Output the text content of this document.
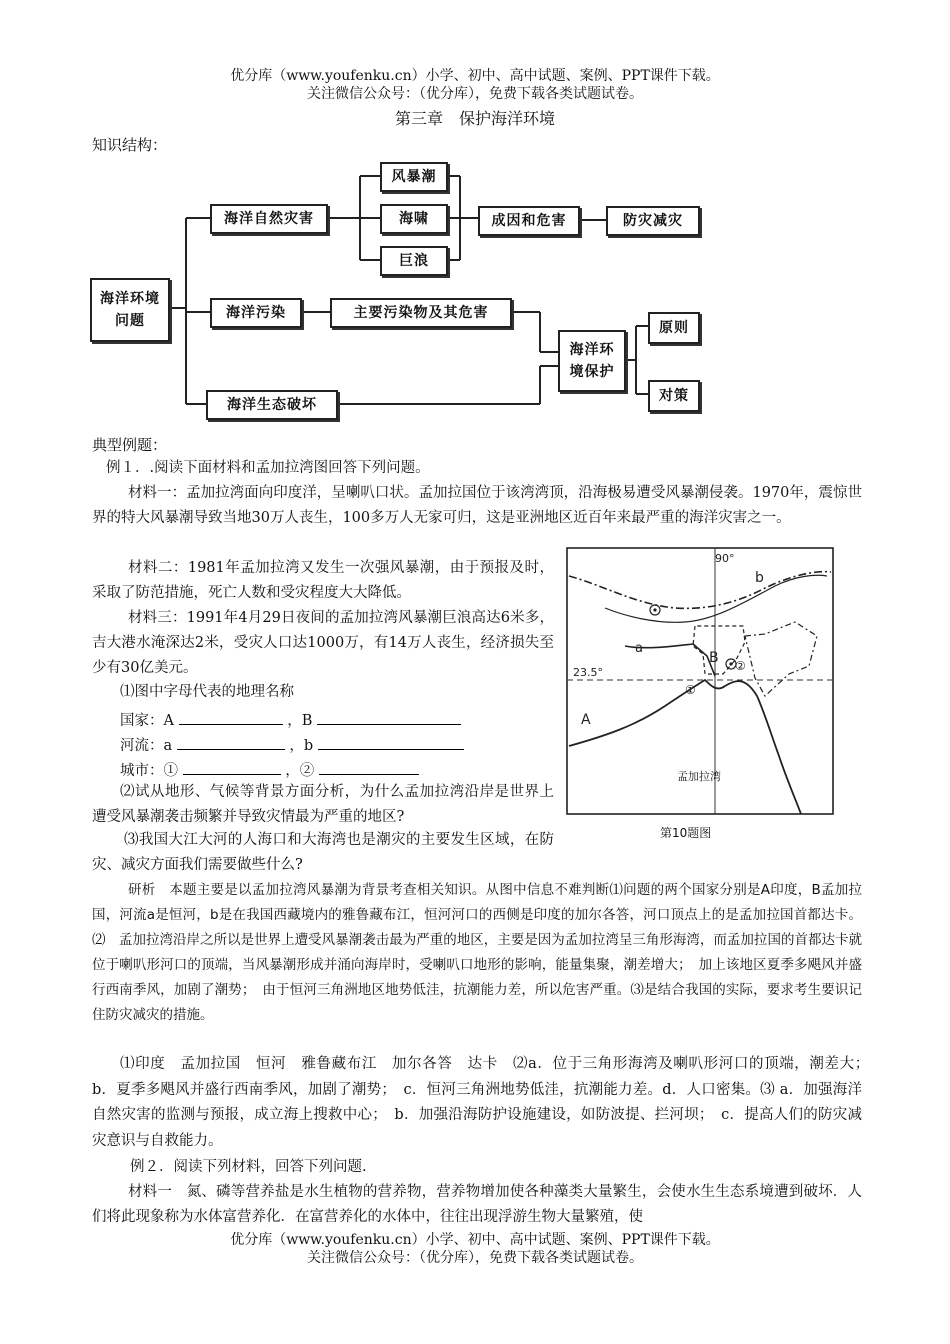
优分库（www.youfenku.cn）小学、初中、高中试题、案例、PPT课件下载。
关注微信公众号：（优分库），免费下载各类试题试卷。
第三章　保护海洋环境
知识结构：
海洋环境
问题
海洋自然灾害
风暴潮
海啸
巨浪
成因和危害	防灾减灾
海洋污染	主要污染物及其危害
海洋环
境保护
原则
对策
海洋生态破坏
典型例题：

例１．.阅读下面材料和孟加拉湾图回答下列问题。

材料一：孟加拉湾面向印度洋，呈喇叭口状。孟加拉国位于该湾湾顶，沿海极易遭受风暴潮侵袭。1970年，震惊世界的特大风暴潮导致当地30万人丧生，100多万人无家可归，这是亚洲地区近百年来最严重的海洋灾害之一。

材料二：1981年孟加拉湾又发生一次强风暴潮，由于预报及时，采取了防范措施，死亡人数和受灾程度大大降低。

材料三：1991年4月29日夜间的孟加拉湾风暴潮巨浪高达6米多，吉大港水淹深达2米，受灾人口达1000万，有14万人丧生，经济损失至少有30亿美元。

⑴图中字母代表的地理名称

国家：A	，B
河流：a	，b
城市：①	，②

⑵试从地形、气候等背景方面分析，为什么孟加拉湾沿岸是世界上遭受风暴潮袭击频繁并导致灾情最为严重的地区?

⑶我国大江大河的人海口和大海湾也是潮灾的主要发生区域，在防灾、减灾方面我们需要做些什么?

90°
23.5°
A
B
a
b
①
②
孟加拉湾
第10题图

研析　本题主要是以孟加拉湾风暴潮为背景考查相关知识。从图中信息不难判断⑴问题的两个国家分别是A印度，B孟加拉国，河流a是恒河，b是在我国西藏境内的雅鲁藏布江，恒河河口的西侧是印度的加尔各答，河口顶点上的是孟加拉国首都达卡。⑵　孟加拉湾沿岸之所以是世界上遭受风暴潮袭击最为严重的地区，主要是因为孟加拉湾呈三角形海湾，而孟加拉国的首都达卡就位于喇叭形河口的顶端，当风暴潮形成并涌向海岸时，受喇叭口地形的影响，能量集聚，潮差增大；　加上该地区夏季多飓风并盛行西南季风，加剧了潮势；　由于恒河三角洲地区地势低洼，抗潮能力差，所以危害严重。⑶是结合我国的实际，要求考生要识记住防灾减灾的措施。

⑴印度　孟加拉国　恒河　雅鲁藏布江　加尔各答　达卡　⑵a．位于三角形海湾及喇叭形河口的顶端，潮差大；　b．夏季多飓风并盛行西南季风，加剧了潮势；　c．恒河三角洲地势低洼，抗潮能力差。d．人口密集。⑶ a．加强海洋自然灾害的监测与预报，成立海上搜救中心；　b．加强沿海防护设施建设，如防波提、拦河坝；　c．提高人们的防灾减灾意识与自救能力。

例２．阅读下列材料，回答下列问题.

材料一　氮、磷等营养盐是水生植物的营养物，营养物增加使各种藻类大量繁生，会使水生生态系境遭到破坏．人们将此现象称为水体富营养化．在富营养化的水体中，往往出现浮游生物大量繁殖，使

优分库（www.youfenku.cn）小学、初中、高中试题、案例、PPT课件下载。
关注微信公众号：（优分库），免费下载各类试题试卷。
